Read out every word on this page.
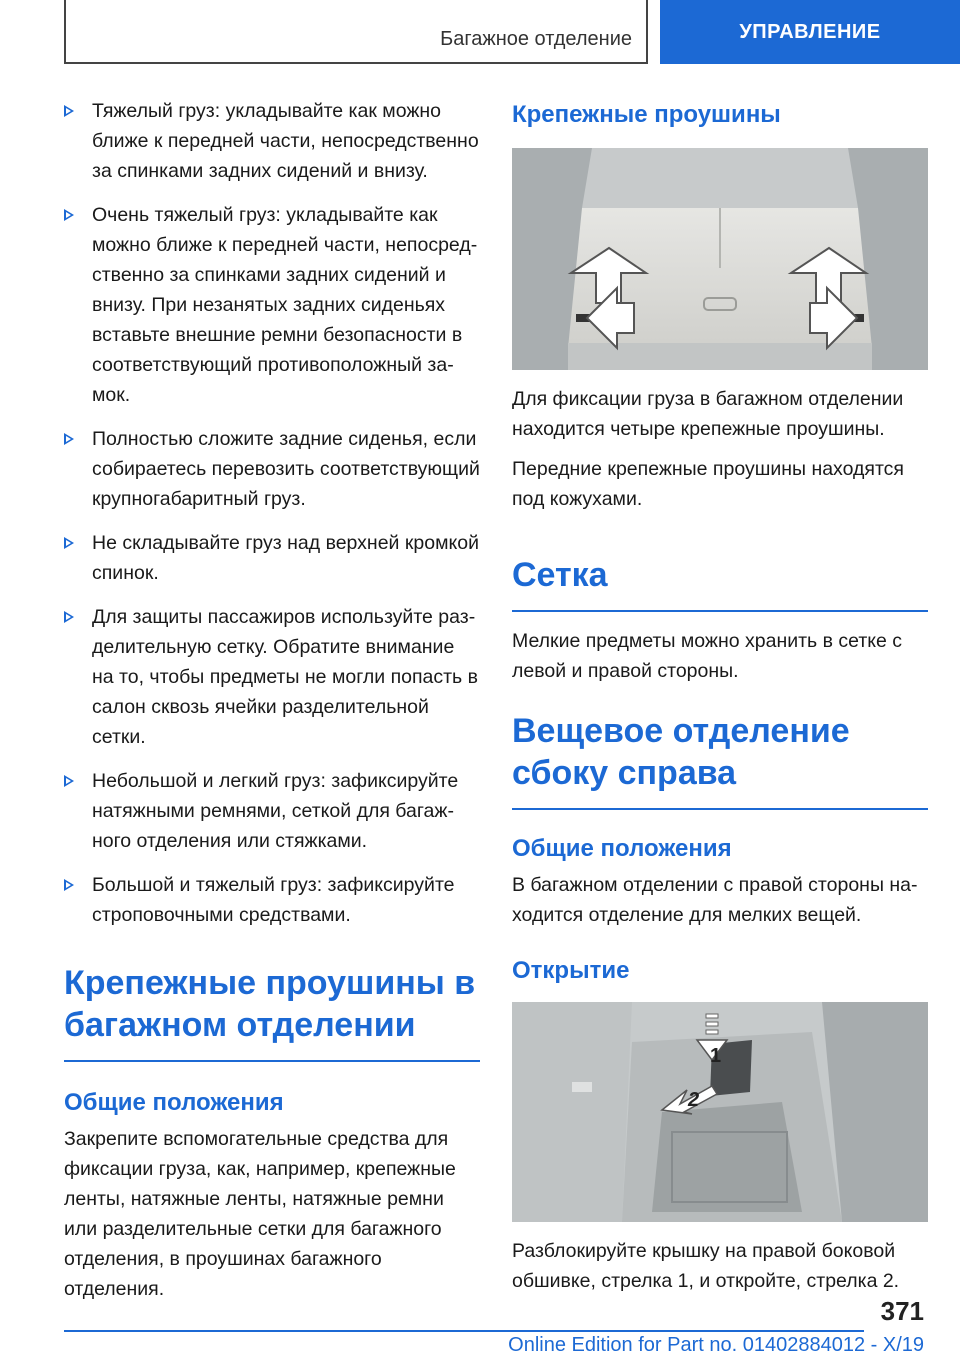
Багажное отделение	УПРАВЛЕНИЕ
Тяжелый груз: укладывайте как можно ближе к передней части, непосредственно за спинками задних сидений и внизу.
Очень тяжелый груз: укладывайте как можно ближе к передней части, непосредственно за спинками задних сидений и внизу. При незанятых задних сиденьях вставьте внешние ремни безопасности в соответствующий противоположный замок.
Полностью сложите задние сиденья, если собираетесь перевозить соответствующий крупногабаритный груз.
Не складывайте груз над верхней кромкой спинок.
Для защиты пассажиров используйте разделительную сетку. Обратите внимание на то, чтобы предметы не могли попасть в салон сквозь ячейки разделительной сетки.
Небольшой и легкий груз: зафиксируйте натяжными ремнями, сеткой для багажного отделения или стяжками.
Большой и тяжелый груз: зафиксируйте строповочными средствами.
Крепежные проушины в багажном отделении
Общие положения

Закрепите вспомогательные средства для фиксации груза, как, например, крепежные ленты, натяжные ленты, натяжные ремни или разделительные сетки для багажного отделения, в проушинах багажного отделения.

Крепежные проушины

Для фиксации груза в багажном отделении находится четыре крепежные проушины.

Передние крепежные проушины находятся под кожухами.

Сетка

Мелкие предметы можно хранить в сетке с левой и правой стороны.

Вещевое отделение сбоку справа
Общие положения

В багажном отделении с правой стороны находится отделение для мелких вещей.

Открытие
1
2

Разблокируйте крышку на правой боковой обшивке, стрелка 1, и откройте, стрелка 2.

371
Online Edition for Part no. 01402884012 - X/19
